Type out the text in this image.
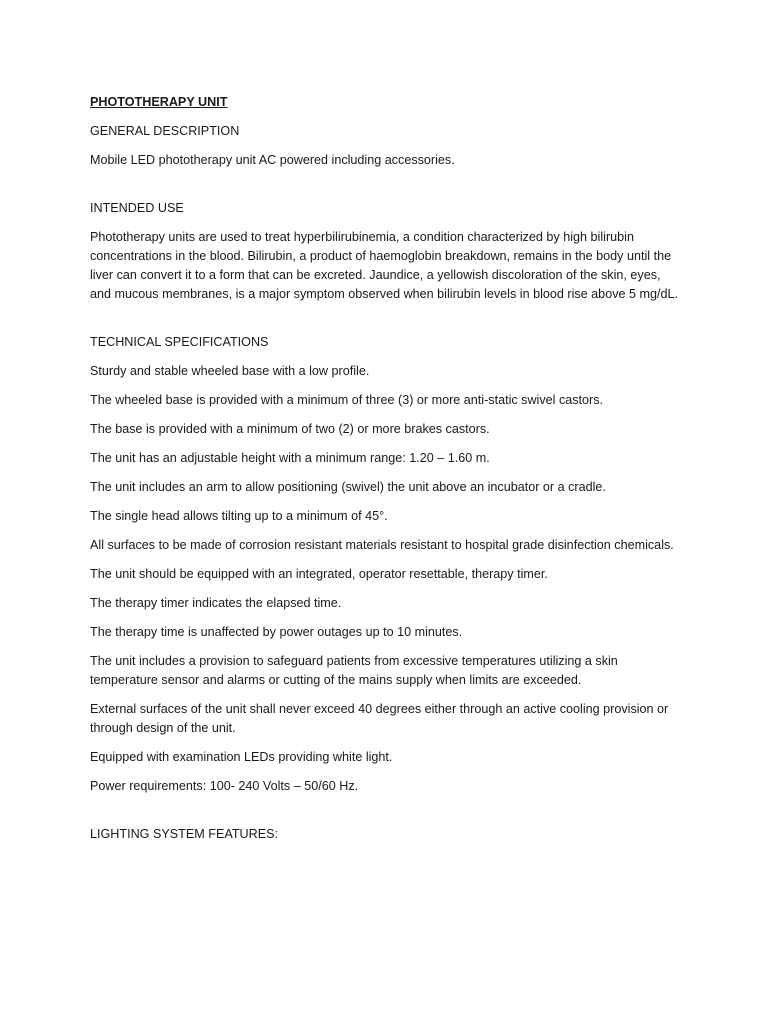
PHOTOTHERAPY UNIT
GENERAL DESCRIPTION
Mobile LED phototherapy unit AC powered including accessories.
INTENDED USE
Phototherapy units are used to treat hyperbilirubinemia, a condition characterized by high bilirubin concentrations in the blood. Bilirubin, a product of haemoglobin breakdown, remains in the body until the liver can convert it to a form that can be excreted. Jaundice, a yellowish discoloration of the skin, eyes, and mucous membranes, is a major symptom observed when bilirubin levels in blood rise above 5 mg/dL.
TECHNICAL SPECIFICATIONS
Sturdy and stable wheeled base with a low profile.
The wheeled base is provided with a minimum of three (3) or more anti-static swivel castors.
The base is provided with a minimum of two (2) or more brakes castors.
The unit has an adjustable height with a minimum range: 1.20 – 1.60 m.
The unit includes an arm to allow positioning (swivel) the unit above an incubator or a cradle.
The single head allows tilting up to a minimum of 45°.
All surfaces to be made of corrosion resistant materials resistant to hospital grade disinfection chemicals.
The unit should be equipped with an integrated, operator resettable, therapy timer.
The therapy timer indicates the elapsed time.
The therapy time is unaffected by power outages up to 10 minutes.
The unit includes a provision to safeguard patients from excessive temperatures utilizing a skin temperature sensor and alarms or cutting of the mains supply when limits are exceeded.
External surfaces of the unit shall never exceed 40 degrees either through an active cooling provision or through design of the unit.
Equipped with examination LEDs providing white light.
Power requirements: 100- 240 Volts – 50/60 Hz.
LIGHTING SYSTEM FEATURES:
